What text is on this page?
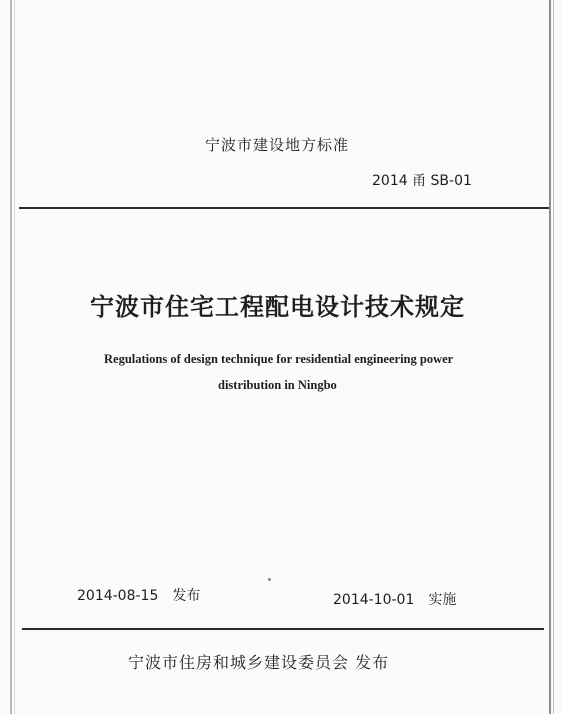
宁波市建设地方标准
2014 甬 SB-01
宁波市住宅工程配电设计技术规定
Regulations of design technique for residential engineering power
distribution in Ningbo
2014-08-15 发布	2014-10-01 实施
宁波市住房和城乡建设委员会 发布
